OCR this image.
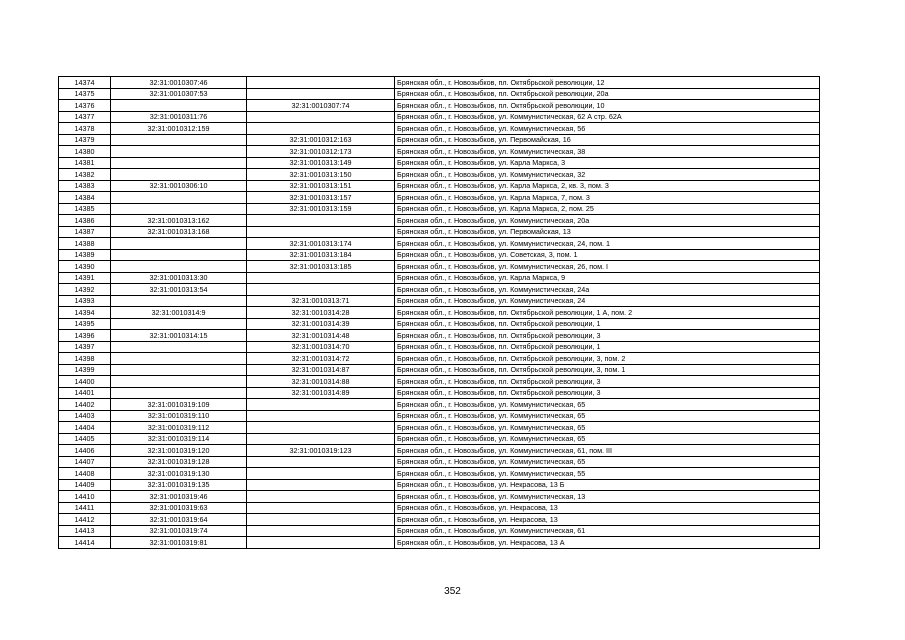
14374	32:31:0010307:46		Брянская обл., г. Новозыбков, пл. Октябрьской революции, 12
14375	32:31:0010307:53		Брянская обл., г. Новозыбков, пл. Октябрьской революции, 20а
14376		32:31:0010307:74	Брянская обл., г. Новозыбков, пл. Октябрьской революции, 10
14377	32:31:0010311:76		Брянская обл., г. Новозыбков, ул. Коммунистическая, 62 А стр. 62А
14378	32:31:0010312:159		Брянская обл., г. Новозыбков, ул. Коммунистическая, 56
14379		32:31:0010312:163	Брянская обл., г. Новозыбков, ул. Первомайская, 16
14380		32:31:0010312:173	Брянская обл., г. Новозыбков, ул. Коммунистическая, 38
14381		32:31:0010313:149	Брянская обл., г. Новозыбков, ул. Карла Маркса, 3
14382		32:31:0010313:150	Брянская обл., г. Новозыбков, ул. Коммунистическая, 32
14383	32:31:0010306:10	32:31:0010313:151	Брянская обл., г. Новозыбков, ул. Карла Маркса, 2, кв. 3, пом. 3
14384		32:31:0010313:157	Брянская обл., г. Новозыбков, ул. Карла Маркса, 7, пом. 3
14385		32:31:0010313:159	Брянская обл., г. Новозыбков, ул. Карла Маркса, 2, пом. 25
14386	32:31:0010313:162		Брянская обл., г. Новозыбков, ул. Коммунистическая, 20а
14387	32:31:0010313:168		Брянская обл., г. Новозыбков, ул. Первомайская, 13
14388		32:31:0010313:174	Брянская обл., г. Новозыбков, ул. Коммунистическая, 24, пом. 1
14389		32:31:0010313:184	Брянская обл., г. Новозыбков, ул. Советская, 3, пом. 1
14390		32:31:0010313:185	Брянская обл., г. Новозыбков, ул. Коммунистическая, 26, пом. I
14391	32:31:0010313:30		Брянская обл., г. Новозыбков, ул. Карла Маркса, 9
14392	32:31:0010313:54		Брянская обл., г. Новозыбков, ул. Коммунистическая, 24а
14393		32:31:0010313:71	Брянская обл., г. Новозыбков, ул. Коммунистическая, 24
14394	32:31:0010314:9	32:31:0010314:28	Брянская обл., г. Новозыбков, пл. Октябрьской революции, 1 А, пом. 2
14395		32:31:0010314:39	Брянская обл., г. Новозыбков, пл. Октябрьской революции, 1
14396	32:31:0010314:15	32:31:0010314:48	Брянская обл., г. Новозыбков, пл. Октябрьской революции, 3
14397		32:31:0010314:70	Брянская обл., г. Новозыбков, пл. Октябрьской революции, 1
14398		32:31:0010314:72	Брянская обл., г. Новозыбков, пл. Октябрьской революции, 3, пом. 2
14399		32:31:0010314:87	Брянская обл., г. Новозыбков, пл. Октябрьской революции, 3, пом. 1
14400		32:31:0010314:88	Брянская обл., г. Новозыбков, пл. Октябрьской революции, 3
14401		32:31:0010314:89	Брянская обл., г. Новозыбков, пл. Октябрьской революции, 3
14402	32:31:0010319:109		Брянская обл., г. Новозыбков, ул. Коммунистическая, 65
14403	32:31:0010319:110		Брянская обл., г. Новозыбков, ул. Коммунистическая, 65
14404	32:31:0010319:112		Брянская обл., г. Новозыбков, ул. Коммунистическая, 65
14405	32:31:0010319:114		Брянская обл., г. Новозыбков, ул. Коммунистическая, 65
14406	32:31:0010319:120	32:31:0010319:123	Брянская обл., г. Новозыбков, ул. Коммунистическая, 61, пом. III
14407	32:31:0010319:128		Брянская обл., г. Новозыбков, ул. Коммунистическая, 65
14408	32:31:0010319:130		Брянская обл., г. Новозыбков, ул. Коммунистическая, 55
14409	32:31:0010319:135		Брянская обл., г. Новозыбков, ул. Некрасова, 13 Б
14410	32:31:0010319:46		Брянская обл., г. Новозыбков, ул. Коммунистическая, 13
14411	32:31:0010319:63		Брянская обл., г. Новозыбков, ул. Некрасова, 13
14412	32:31:0010319:64		Брянская обл., г. Новозыбков, ул. Некрасова, 13
14413	32:31:0010319:74		Брянская обл., г. Новозыбков, ул. Коммунистическая, 61
14414	32:31:0010319:81		Брянская обл., г. Новозыбков, ул. Некрасова, 13 А
352
